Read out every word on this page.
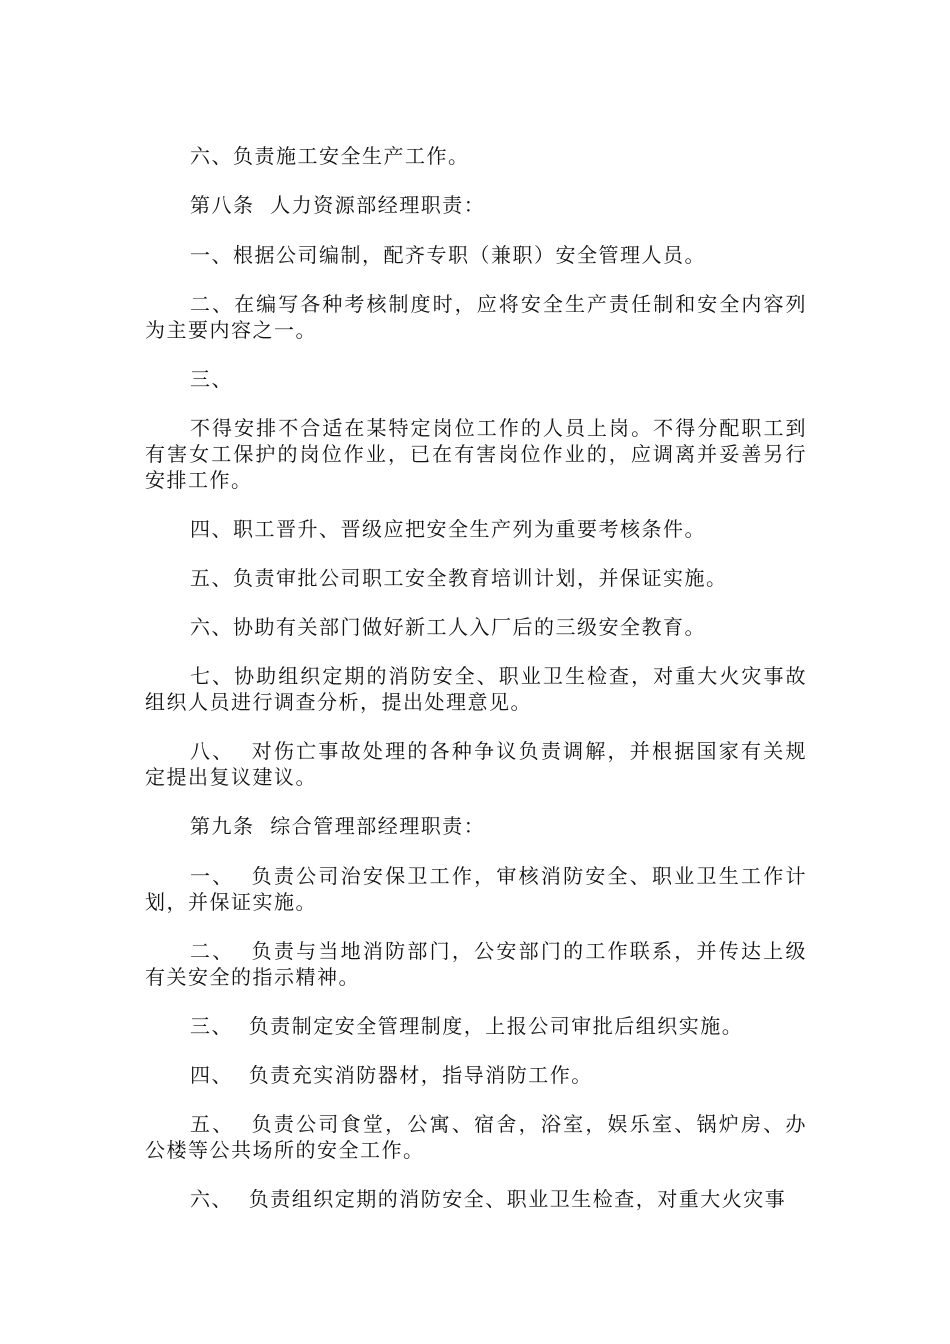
六、负责施工安全生产工作。

第八条  人力资源部经理职责：

一、根据公司编制，配齐专职（兼职）安全管理人员。

二、在编写各种考核制度时，应将安全生产责任制和安全内容列为主要内容之一。

三、

不得安排不合适在某特定岗位工作的人员上岗。不得分配职工到有害女工保护的岗位作业，已在有害岗位作业的，应调离并妥善另行安排工作。

四、职工晋升、晋级应把安全生产列为重要考核条件。

五、负责审批公司职工安全教育培训计划，并保证实施。

六、协助有关部门做好新工人入厂后的三级安全教育。

七、协助组织定期的消防安全、职业卫生检查，对重大火灾事故组织人员进行调查分析，提出处理意见。

八、  对伤亡事故处理的各种争议负责调解，并根据国家有关规定提出复议建议。

第九条  综合管理部经理职责：

一、  负责公司治安保卫工作，审核消防安全、职业卫生工作计划，并保证实施。

二、  负责与当地消防部门，公安部门的工作联系，并传达上级有关安全的指示精神。

三、  负责制定安全管理制度，上报公司审批后组织实施。

四、  负责充实消防器材，指导消防工作。

五、  负责公司食堂，公寓、宿舍，浴室，娱乐室、锅炉房、办公楼等公共场所的安全工作。

六、  负责组织定期的消防安全、职业卫生检查，对重大火灾事
